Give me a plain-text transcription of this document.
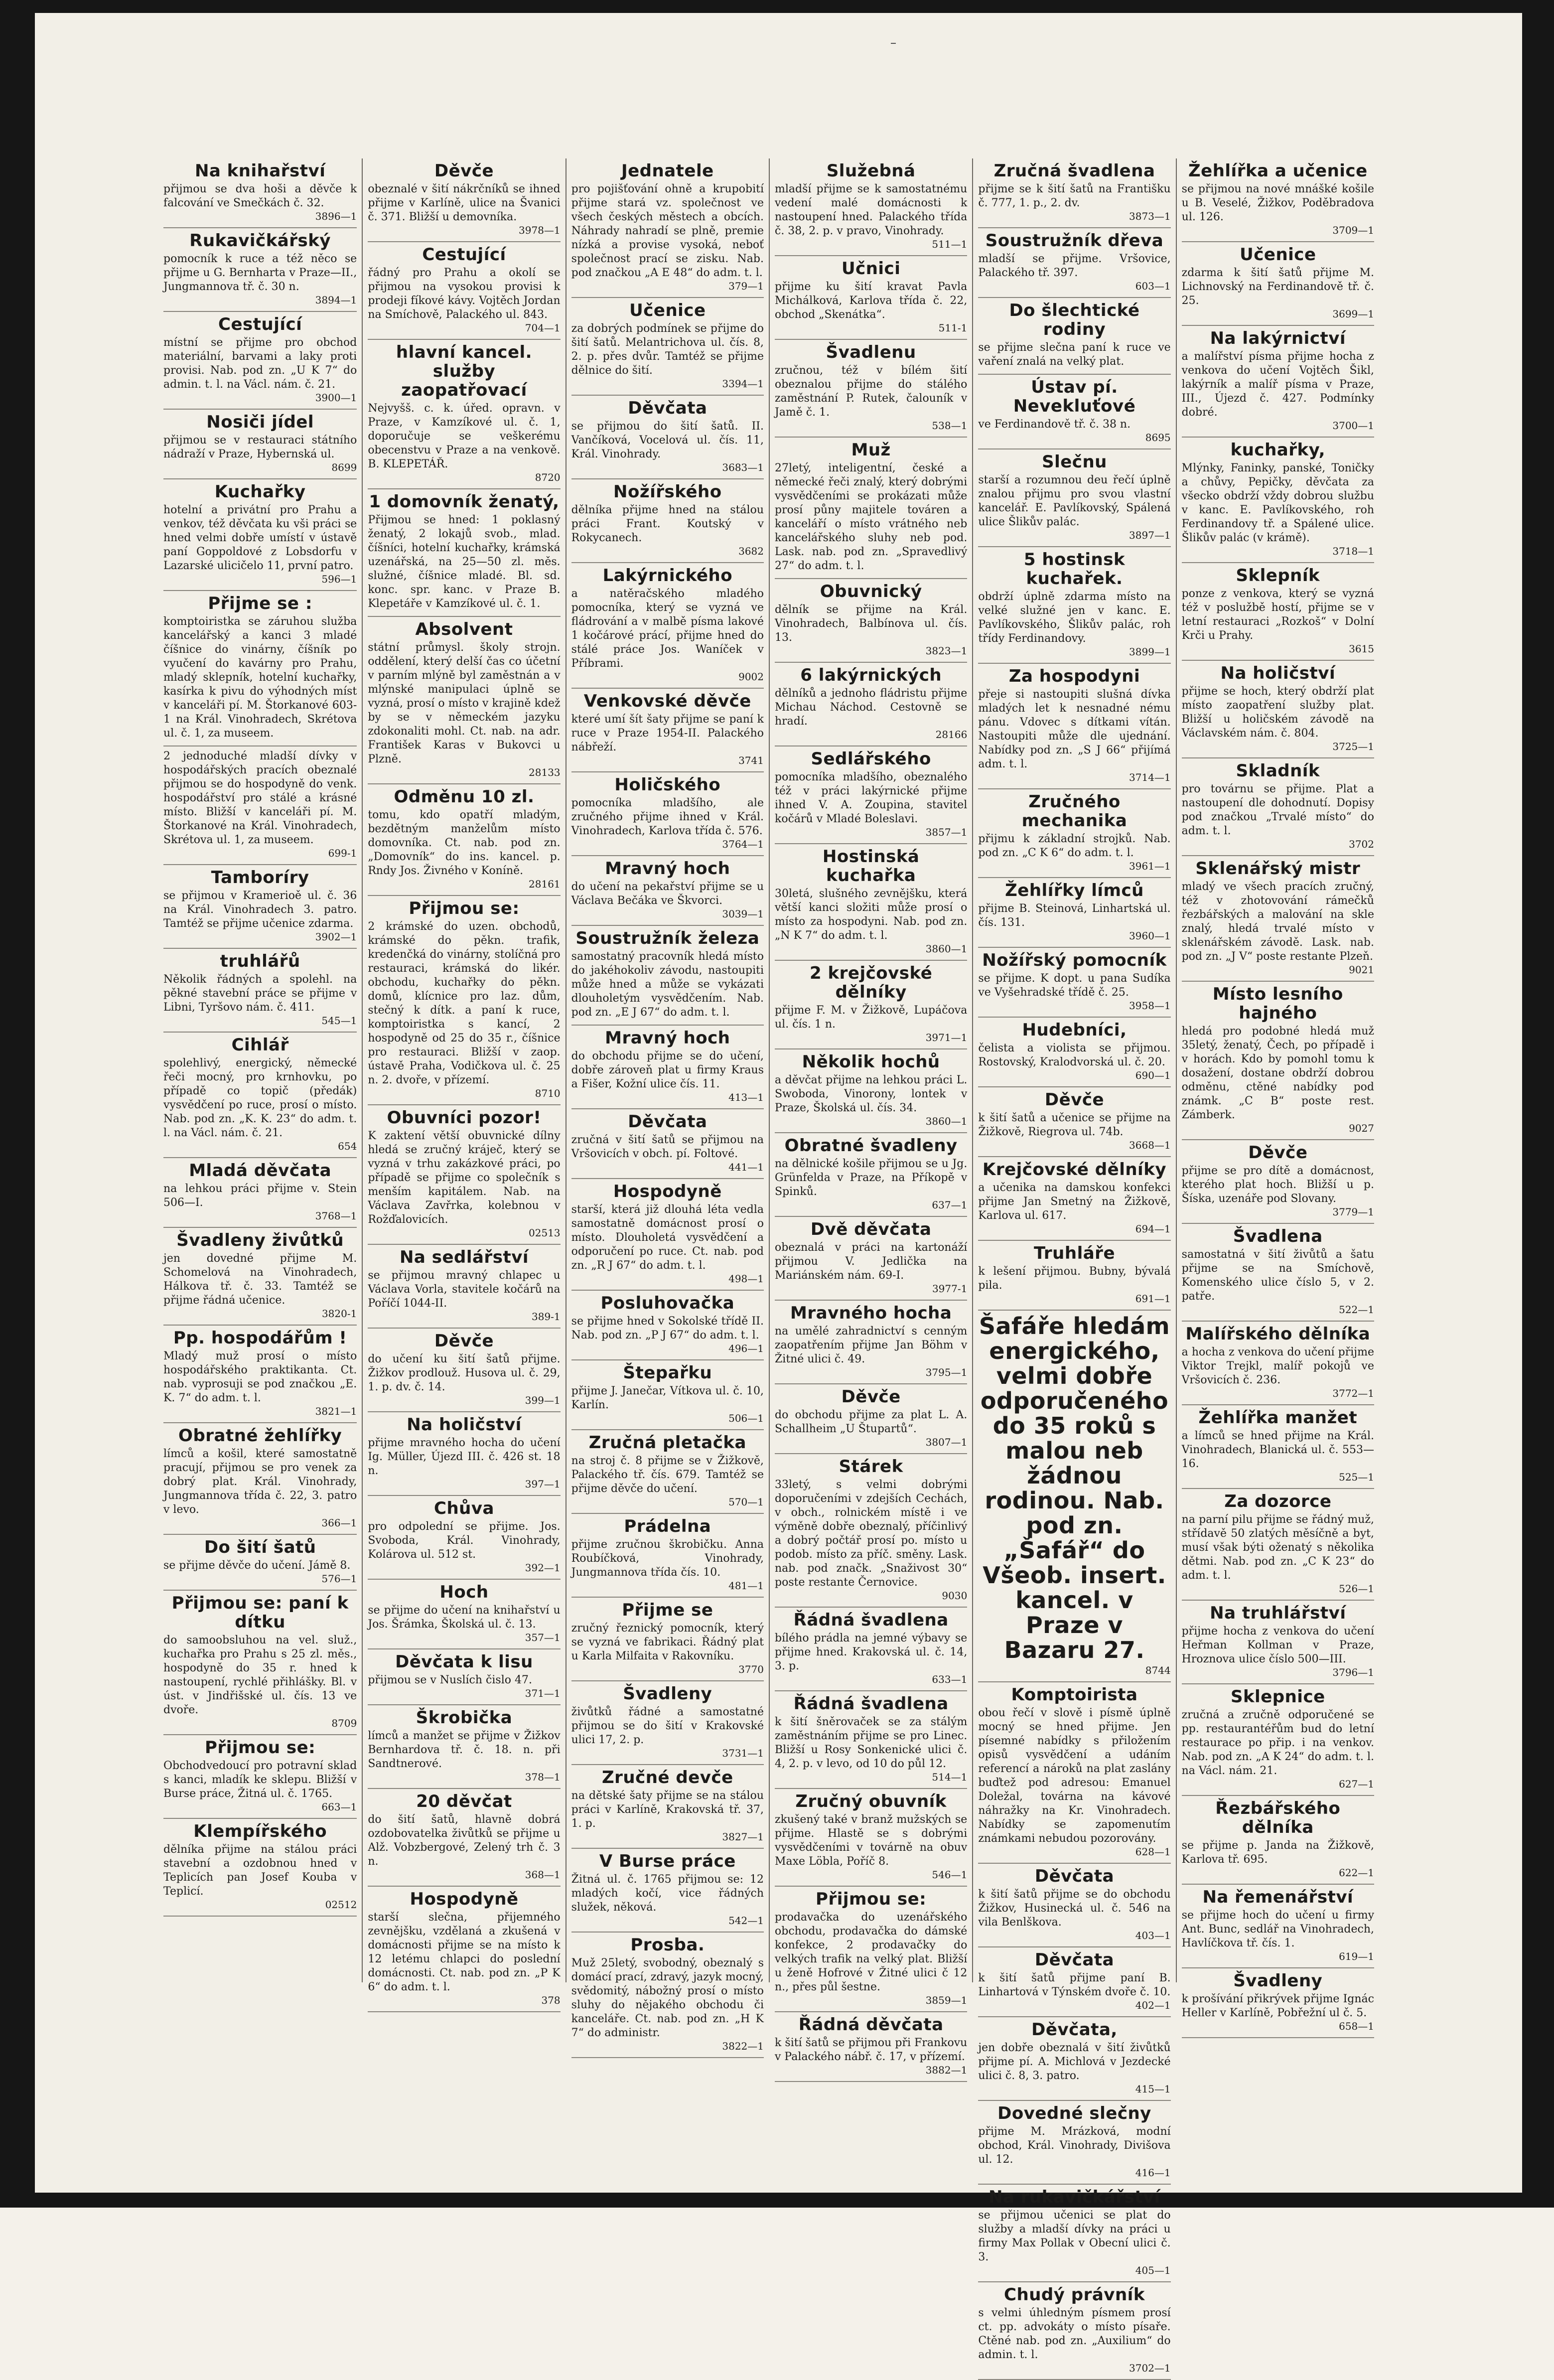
Na knihařství

přijmou se dva hoši a děvče k falcování ve Smečkách č. 32.

3896—1

Rukavičkářský

pomocník k ruce a též něco se přijme u G. Bernharta v Praze—II., Jungmannova tř. č. 30 n.

3894—1

Cestující

místní se přijme pro obchod materiální, barvami a laky proti provisi. Nab. pod zn. „U K 7“ do admin. t. l. na Václ. nám. č. 21.

3900—1

Nosiči jídel

přijmou se v restauraci státního nádraží v Praze, Hybernská ul.

8699

Kuchařky

hotelní a privátní pro Prahu a venkov, též děvčata ku vši práci se hned velmi dobře umístí v ústavě paní Goppoldové z Lobsdorfu v Lazarské ulicičelo 11, první patro.

596—1

Přijme se :

komptoiristka se záruhou služba kancelářský a kanci 3 mladé číšnice do vinárny, číšník po vyučení do kavárny pro Prahu, mladý sklepník, hotelní kuchařky, kasírka k pivu do výhodných míst v kanceláři pí. M. Štorkanové 603-1 na Král. Vinohradech, Skrétova ul. č. 1, za museem.

2 jednoduché mladší dívky v hospodářských pracích obeznalé přijmou se do hospodyně do venk. hospodářství pro stálé a krásné místo. Bližší v kanceláři pí. M. Štorkanové na Král. Vinohradech, Skrétova ul. 1, za museem.

699-1

Tamboríry

se přijmou v Kramerioě ul. č. 36 na Král. Vinohradech 3. patro. Tamtéž se přijme učenice zdarma.

3902—1

truhlářů

Několik řádných a spolehl. na pěkné stavební práce se přijme v Libni, Tyršovo nám. č. 411.

545—1

Cihlář

spolehlivý, energický, německé řeči mocný, pro krnhovku, po případě co topič (předák) vysvědčení po ruce, prosí o místo. Nab. pod zn. „K. K. 23“ do adm. t. l. na Václ. nám. č. 21.

654

Mladá děvčata

na lehkou práci přijme v. Stein 506—I.

3768—1

Švadleny živůtků

jen dovedné přijme M. Schomelová na Vinohradech, Hálkova tř. č. 33. Tamtéž se přijme řádná učenice.

3820-1

Pp. hospodářům !

Mladý muž prosí o místo hospodářského praktikanta. Ct. nab. vyprosuji se pod značkou „E. K. 7“ do adm. t. l.

3821—1

Obratné žehlířky

límců a košil, které samostatně pracují, přijmou se pro venek za dobrý plat. Král. Vinohrady, Jungmannova třída č. 22, 3. patro v levo.

366—1

Do šití šatů

se přijme děvče do učení. Jámě 8.

576—1

Přijmou se: paní k dítku

do samoobsluhou na vel. služ., kuchařka pro Prahu s 25 zl. měs., hospodyně do 35 r. hned k nastoupení, rychlé přihlášky. Bl. v úst. v Jindřišské ul. čís. 13 ve dvoře.

8709

Přijmou se:

Obchodvedoucí pro potravní sklad s kanci, mladík ke sklepu. Bližší v Burse práce, Žitná ul. č. 1765.

663—1

Klempířského

dělníka přijme na stálou práci stavební a ozdobnou hned v Teplicích pan Josef Kouba v Teplicí.

02512

Děvče

obeznalé v šití nákrčníků se ihned přijme v Karlíně, ulice na Švanici č. 371. Bližší u demovníka.

3978—1

Cestující

řádný pro Prahu a okolí se přijmou na vysokou provisi k prodeji fíkové kávy. Vojtěch Jordan na Smíchově, Palackého ul. 843.

704—1

hlavní kancel. služby zaopatřovací

Nejvyšš. c. k. úřed. opravn. v Praze, v Kamzíkové ul. č. 1, doporučuje se veškerému obecenstvu v Praze a na venkově. B. KLEPETÁŘ.

8720

1 domovník ženatý,

Přijmou se hned: 1 poklasný ženatý, 2 lokajů svob., mlad. číšníci, hotelní kuchařky, krámská uzenářská, na 25—50 zl. měs. služné, číšnice mladé. Bl. sd. konc. spr. kanc. v Praze B. Klepetáře v Kamzíkové ul. č. 1.

Absolvent

státní průmysl. školy strojn. oddělení, který delší čas co účetní v parním mlýně byl zaměstnán a v mlýnské manipulaci úplně se vyzná, prosí o místo v krajině kdež by se v německém jazyku zdokonaliti mohl. Ct. nab. na adr. František Karas v Bukovci u Plzně.

28133

Odměnu 10 zl.

tomu, kdo opatří mladým, bezdětným manželům místo domovníka. Ct. nab. pod zn. „Domovník“ do ins. kancel. p. Rndy Jos. Živného v Koníně.

28161

Přijmou se:

2 krámské do uzen. obchodů, krámské do pěkn. trafik, kredenčká do vinárny, stolíčná pro restauraci, krámská do likér. obchodu, kuchařky do pěkn. domů, klícnice pro laz. dům, stečný k dítk. a paní k ruce, komptoiristka s kancí, 2 hospodyně od 25 do 35 r., číšnice pro restauraci. Bližší v zaop. ústavě Praha, Vodičkova ul. č. 25 n. 2. dvoře, v přízemí.

8710

Obuvníci pozor!

K zaktení větší obuvnické dílny hledá se zručný kráječ, který se vyzná v trhu zakázkové práci, po případě se přijme co společník s menším kapitálem. Nab. na Václava Zavřrka, kolebnou v Rožďalovicích.

02513

Na sedlářství

se přijmou mravný chlapec u Václava Vorla, stavitele kočárů na Poříčí 1044-II.

389-1

Děvče

do učení ku šití šatů přijme. Žižkov prodlouž. Husova ul. č. 29, 1. p. dv. č. 14.

399—1

Na holičství

přijme mravného hocha do učení Ig. Müller, Újezd III. č. 426 st. 18 n.

397—1

Chůva

pro odpolední se přijme. Jos. Svoboda, Král. Vinohrady, Kolárova ul. 512 st.

392—1

Hoch

se přijme do učení na knihařství u Jos. Šrámka, Školská ul. č. 13.

357—1

Děvčata k lisu

přijmou se v Nuslích čislo 47.

371—1

Škrobička

límců a manžet se přijme v Žižkov Bernhardova tř. č. 18. n. při Sandtnerové.

378—1

20 děvčat

do šití šatů, hlavně dobrá ozdobovatelka živůtků se přijme u Alž. Vobzbergové, Zelený trh č. 3 n.

368—1

Hospodyně

starší slečna, přijemného zevnějšku, vzdělaná a zkušená v domácnosti přijme se na místo k 12 letému chlapci do poslední domácnosti. Ct. nab. pod zn. „P K 6“ do adm. t. l.

378

Jednatele

pro pojišťování ohně a krupobití přijme stará vz. společnost ve všech českých městech a obcích. Náhrady nahradí se plně, premie nízká a provise vysoká, neboť společnost prací se zisku. Nab. pod značkou „A E 48“ do adm. t. l.

379—1

Učenice

za dobrých podmínek se přijme do šití šatů. Melantrichova ul. čís. 8, 2. p. přes dvůr. Tamtéž se přijme dělnice do šití.

3394—1

Děvčata

se přijmou do šití šatů. II. Vančíková, Vocelová ul. čís. 11, Král. Vinohrady.

3683—1

Nožířského

dělníka přijme hned na stálou práci Frant. Koutský v Rokycanech.

3682

Lakýrnického

a natěračského mladého pomocníka, který se vyzná ve fládrování a v malbě písma lakové 1 kočárové prácí, přijme hned do stálé práce Jos. Waníček v Příbrami.

9002

Venkovské děvče

které umí šít šaty přijme se paní k ruce v Praze 1954-II. Palackého nábřeží.

3741

Holičského

pomocníka mladšího, ale zručného přijme ihned v Král. Vinohradech, Karlova třída č. 576.

3764—1

Mravný hoch

do učení na pekařství přijme se u Václava Bečáka ve Škvorci.

3039—1

Soustružník železa

samostatný pracovník hledá místo do jakéhokoliv závodu, nastoupiti může hned a může se vykázati dlouholetým vysvědčením. Nab. pod zn. „E J 67“ do adm. t. l.

Mravný hoch

do obchodu přijme se do učení, dobře zároveň plat u firmy Kraus a Fišer, Kožní ulice čís. 11.

413—1

Děvčata

zručná v šití šatů se přijmou na Vršovicích v obch. pí. Foltové.

441—1

Hospodyně

starší, která již dlouhá léta vedla samostatně domácnost prosí o místo. Dlouholetá vysvědčení a odporučení po ruce. Ct. nab. pod zn. „R J 67“ do adm. t. l.

498—1

Posluhovačka

se přijme hned v Sokolské třídě II. Nab. pod zn. „P J 67“ do adm. t. l.

496—1

Štepařku

přijme J. Janečar, Vítkova ul. č. 10, Karlín.

506—1

Zručná pletačka

na stroj č. 8 přijme se v Žižkově, Palackého tř. čís. 679. Tamtéž se přijme děvče do učení.

570—1

Prádelna

přijme zručnou škrobičku. Anna Roubíčková, Vinohrady, Jungmannova třída čís. 10.

481—1

Přijme se

zručný řeznický pomocník, který se vyzná ve fabrikaci. Řádný plat u Karla Milfaita v Rakovníku.

3770

Švadleny

živůtků řádné a samostatné přijmou se do šití v Krakovské ulici 17, 2. p.

3731—1

Zručné devče

na dětské šaty přijme se na stálou práci v Karlíně, Krakovská tř. 37, 1. p.

3827—1

V Burse práce

Žitná ul. č. 1765 přijmou se: 12 mladých kočí, vice řádných služek, něková.

542—1

Prosba.

Muž 25letý, svobodný, obeznalý s domácí prací, zdravý, jazyk mocný, svědomitý, nábožný prosí o místo sluhy do nějakého obchodu či kanceláře. Ct. nab. pod zn. „H K 7“ do administr.

3822—1

Služebná

mladší přijme se k samostatnému vedení malé domácnosti k nastoupení hned. Palackého třída č. 38, 2. p. v pravo, Vinohrady.

511—1

Učnici

přijme ku šití kravat Pavla Michálková, Karlova třída č. 22, obchod „Skenátka“.

511-1

Švadlenu

zručnou, též v bílém šití obeznalou přijme do stálého zaměstnání P. Rutek, čalouník v Jamě č. 1.

538—1

Muž

27letý, inteligentní, české a německé řeči znalý, který dobrými vysvědčeními se prokázati může prosí půny majitele továren a kanceláří o místo vrátného neb kancelářského sluhy neb pod. Lask. nab. pod zn. „Spravedlivý 27“ do adm. t. l.

Obuvnický

dělník se přijme na Král. Vinohradech, Balbínova ul. čís. 13.

3823—1

6 lakýrnických

dělníků a jednoho fládristu přijme Michau Náchod. Cestovně se hradí.

28166

Sedlářského

pomocníka mladšího, obeznalého též v práci lakýrnické přijme ihned V. A. Zoupina, stavitel kočárů v Mladé Boleslavi.

3857—1

Hostinská kuchařka

30letá, slušného zevnějšku, která větší kanci složiti může prosí o místo za hospodyni. Nab. pod zn. „N K 7“ do adm. t. l.

3860—1

2 krejčovské dělníky

přijme F. M. v Žižkově, Lupáčova ul. čís. 1 n.

3971—1

Několik hochů

a děvčat přijme na lehkou práci L. Swoboda, Vinorony, lontek v Praze, Školská ul. čís. 34.

3860—1

Obratné švadleny

na dělnické košile přijmou se u Jg. Grünfelda v Praze, na Příkopě v Spinků.

637—1

Dvě děvčata

obeznalá v práci na kartonáží přijmou V. Jedlička na Mariánském nám. 69-I.

3977-1

Mravného hocha

na umělé zahradnictví s cenným zaopatřením přijme Jan Böhm v Žitné ulici č. 49.

3795—1

Děvče

do obchodu přijme za plat L. A. Schallheim „U Štupartů“.

3807—1

Stárek

33letý, s velmi dobrými doporučeními v zdejších Cechách, v obch., rolnickém místě i ve výměně dobře obeznalý, příčinlivý a dobrý počtář prosí po. místo u podob. místo za příč. směny. Lask. nab. pod značk. „Snaživost 30“ poste restante Černovice.

9030

Řádná švadlena

bílého prádla na jemné výbavy se přijme hned. Krakovská ul. č. 14, 3. p.

633—1

Řádná švadlena

k šití šněrovaček se za stálým zaměstnáním přijme se pro Linec. Bližší u Rosy Sonkenické ulici č. 4, 2. p. v levo, od 10 do půl 12.

514—1

Zručný obuvník

zkušený také v branž mužských se přijme. Hlastě se s dobrými vysvědčeními v továrně na obuv Maxe Löbla, Poříč 8.

546—1

Přijmou se:

prodavačka do uzenářského obchodu, prodavačka do dámské konfekce, 2 prodavačky do velkých trafik na velký plat. Bližší u ženě Hofrové v Žitné ulici č 12 n., přes půl šestne.

3859—1

Řádná děvčata

k šití šatů se přijmou při Frankovu v Palackého nábř. č. 17, v přízemí.

3882—1

Zručná švadlena

přijme se k šití šatů na Františku č. 777, 1. p., 2. dv.

3873—1

Soustružník dřeva

mladší se přijme. Vršovice, Palackého tř. 397.

603—1

Do šlechtické rodiny

se přijme slečna paní k ruce ve vaření znalá na velký plat.

Ústav pí. Nevekluťové

ve Ferdinandově tř. č. 38 n.

8695

Slečnu

starší a rozumnou deu řečí úplně znalou přijmu pro svou vlastní kancelář. E. Pavlíkovský, Spálená ulice Šlikův palác.

3897—1

5 hostinsk kuchařek.

obdrží úplně zdarma místo na velké služné jen v kanc. E. Pavlíkovského, Šlikův palác, roh třídy Ferdinandovy.

3899—1

Za hospodyni

přeje si nastoupiti slušná dívka mladých let k nesnadné nému pánu. Vdovec s dítkami vítán. Nastoupiti může dle ujednání. Nabídky pod zn. „S J 66“ přijímá adm. t. l.

3714—1

Zručného mechanika

přijmu k základní strojků. Nab. pod zn. „C K 6“ do adm. t. l.

3961—1

Žehlířky límců

přijme B. Steinová, Linhartská ul. čís. 131.

3960—1

Nožířský pomocník

se přijme. K dopt. u pana Sudíka ve Vyšehradské třídě č. 25.

3958—1

Hudebníci,

čelista a violista se přijmou. Rostovský, Kralodvorská ul. č. 20.

690—1

Děvče

k šití šatů a učenice se přijme na Žižkově, Riegrova ul. 74b.

3668—1

Krejčovské dělníky

a učenika na damskou konfekci přijme Jan Smetný na Žižkově, Karlova ul. 617.

694—1

Truhláře

k lešení přijmou. Bubny, bývalá pila.

691—1

Šafáře hledám energického, velmi dobře odporučeného do 35 roků s malou neb žádnou rodinou. Nab. pod zn. „Šafář“ do Všeob. insert. kancel. v Praze v Bazaru 27.

8744

Komptoiristа

obou řečí v slově i písmě úplně mocný se hned přijme. Jen písemné nabídky s přiložením opisů vysvědčení a udáním referencí a nároků na plat zaslány buďtež pod adresou: Emanuel Doležal, továrna na kávové náhražky na Kr. Vinohradech. Nabídky se zapomenutím známkami nebudou pozorovány.

628—1

Děvčata

k šití šatů přijme se do obchodu Žižkov, Husinecká ul. č. 546 na vila Benlškova.

403—1

Děvčata

k šití šatů přijme paní B. Linhartová v Týnském dvoře č. 10.

402—1

Děvčata,

jen dobře obeznalá v šití živůtků přijme pí. A. Michlová v Jezdecké ulici č. 8, 3. patro.

415—1

Dovedné slečny

přijme M. Mrázková, modní obchod, Král. Vinohrady, Divišova ul. 12.

416—1

Na rukavičkářství

se přijmou učenici se plat do služby a mladší dívky na práci u firmy Max Pollak v Obecní ulici č. 3.

405—1

Chudý právník

s velmi úhledným písmem prosí ct. pp. advokáty o místo písaře. Ctěné nab. pod zn. „Auxilium“ do admin. t. l.

3702—1

Žehlířka a učenice

se přijmou na nové mnášké košile u B. Veselé, Žižkov, Poděbradova ul. 126.

3709—1

Učenice

zdarma k šití šatů přijme M. Lichnovský na Ferdinandově tř. č. 25.

3699—1

Na lakýrnictví

a malířství písma přijme hocha z venkova do učení Vojtěch Šikl, lakýrník a malíř písma v Praze, III., Újezd č. 427. Podmínky dobré.

3700—1

kuchařky,

Mlýnky, Faninky, panské, Toničky a chůvy, Pepičky, děvčata za všecko obdrží vždy dobrou službu v kanc. E. Pavlíkovského, roh Ferdinandovy tř. a Spálené ulice. Šlikův palác (v krámě).

3718—1

Sklepník

ponze z venkova, který se vyzná též v poslužbě hostí, přijme se v letní restauraci „Rozkoš“ v Dolní Krči u Prahy.

3615

Na holičství

přijme se hoch, který obdrží plat místo zaopatření služby plat. Bližší u holičském závodě na Václavském nám. č. 804.

3725—1

Skladník

pro továrnu se přijme. Plat a nastoupení dle dohodnutí. Dopisy pod značkou „Trvalé místo“ do adm. t. l.

3702

Sklenářský mistr

mladý ve všech pracích zručný, též v zhotovování rámečků řezbářských a malování na skle znalý, hledá trvalé místo v sklenářském závodě. Lask. nab. pod zn. „J V“ poste restante Plzeň.

9021

Místo lesního hajného

hledá pro podobné hledá muž 35letý, ženatý, Čech, po případě i v horách. Kdo by pomohl tomu k dosažení, dostane obdrží dobrou odměnu, ctěné nabídky pod známk. „C B“ poste rest. Zámberk.

9027

Děvče

přijme se pro dítě a domácnost, kterého plat hoch. Bližší u p. Šíska, uzenáře pod Slovany.

3779—1

Švadlena

samostatná v šití živůtů a šatu přijme se na Smíchově, Komenského ulice číslo 5, v 2. patře.

522—1

Malířského dělníka

a hocha z venkova do učení přijme Viktor Trejkl, malíř pokojů ve Vršovicích č. 236.

3772—1

Žehlířka manžet

a límců se hned přijme na Král. Vinohradech, Blanická ul. č. 553—16.

525—1

Za dozorce

na parní pilu přijme se řádný muž, střídavě 50 zlatých měsíčně a byt, musí však býti oženatý s několika dětmi. Nab. pod zn. „C K 23“ do adm. t. l.

526—1

Na truhlářství

přijme hocha z venkova do učení Heřman Kollman v Praze, Hroznova ulice číslo 500—III.

3796—1

Sklepnice

zručná a zručně odporučené se pp. restaurantéřům bud do letní restaurace po přip. i na venkov. Nab. pod zn. „A K 24“ do adm. t. l. na Václ. nám. 21.

627—1

Řezbářského dělníka

se přijme p. Janda na Žižkově, Karlova tř. 695.

622—1

Na řemenářství

se přijme hoch do učení u firmy Ant. Bunc, sedlář na Vinohradech, Havlíčkova tř. čís. 1.

619—1

Švadleny

k prošívání přikrývek přijme Ignác Heller v Karlíně, Pobřežní ul č. 5.

658—1
